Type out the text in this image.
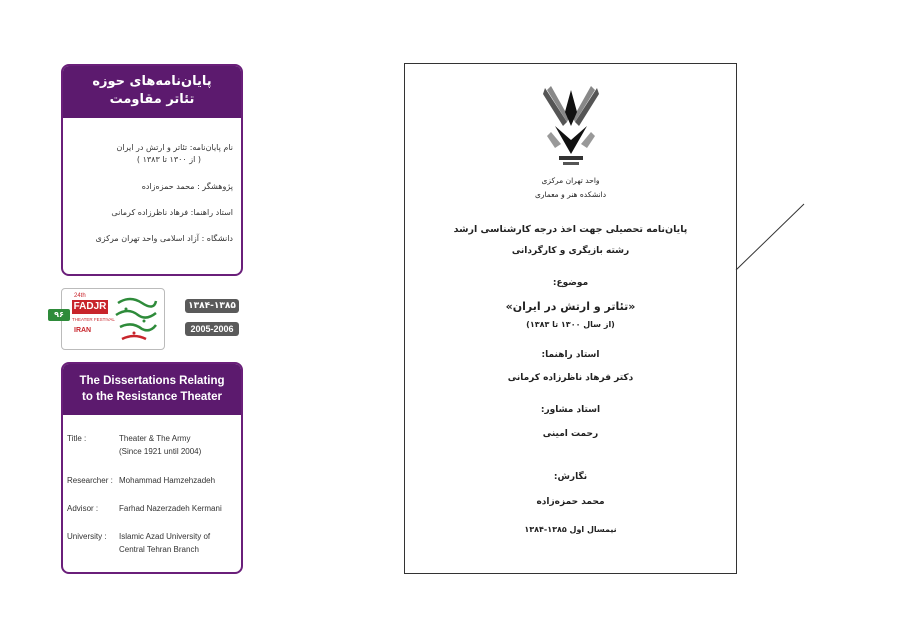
پایان‌نامه‌های حوزه
تئاتر مقاومت
نام پایان‌نامه: تئاتر و ارتش در ایران
( از ۱۳۰۰ تا ۱۳۸۳ )
پژوهشگر : محمد حمزه‌زاده
استاد راهنما: فرهاد ناظرزاده کرمانی
دانشگاه : آزاد اسلامی واحد تهران مرکزی
۹۶
24th
FADJR
THEATER FESTIVAL
IRAN
۱۳۸۴-۱۳۸۵
2005-2006
The Dissertations Relating
to the Resistance Theater
Title :	Theater & The Army
(Since 1921 until 2004)
Researcher : Mohammad Hamzehzadeh
Advisor :	Farhad Nazerzadeh Kermani
University : Islamic Azad University of
Central Tehran Branch
واحد تهران مرکزی
دانشکده هنر و معماری
پایان‌نامه تحصیلی جهت اخذ درجه کارشناسی ارشد
رشته بازیگری و کارگردانی
موضوع:
«تئاتر و ارتش در ایران»
(از سال ۱۳۰۰ تا ۱۳۸۳)
استاد راهنما:
دکتر فرهاد ناظرزاده کرمانی
استاد مشاور:
رحمت امینی
نگارش:
محمد حمزه‌زاده
نیمسال اول ۱۳۸۵-۱۳۸۴
